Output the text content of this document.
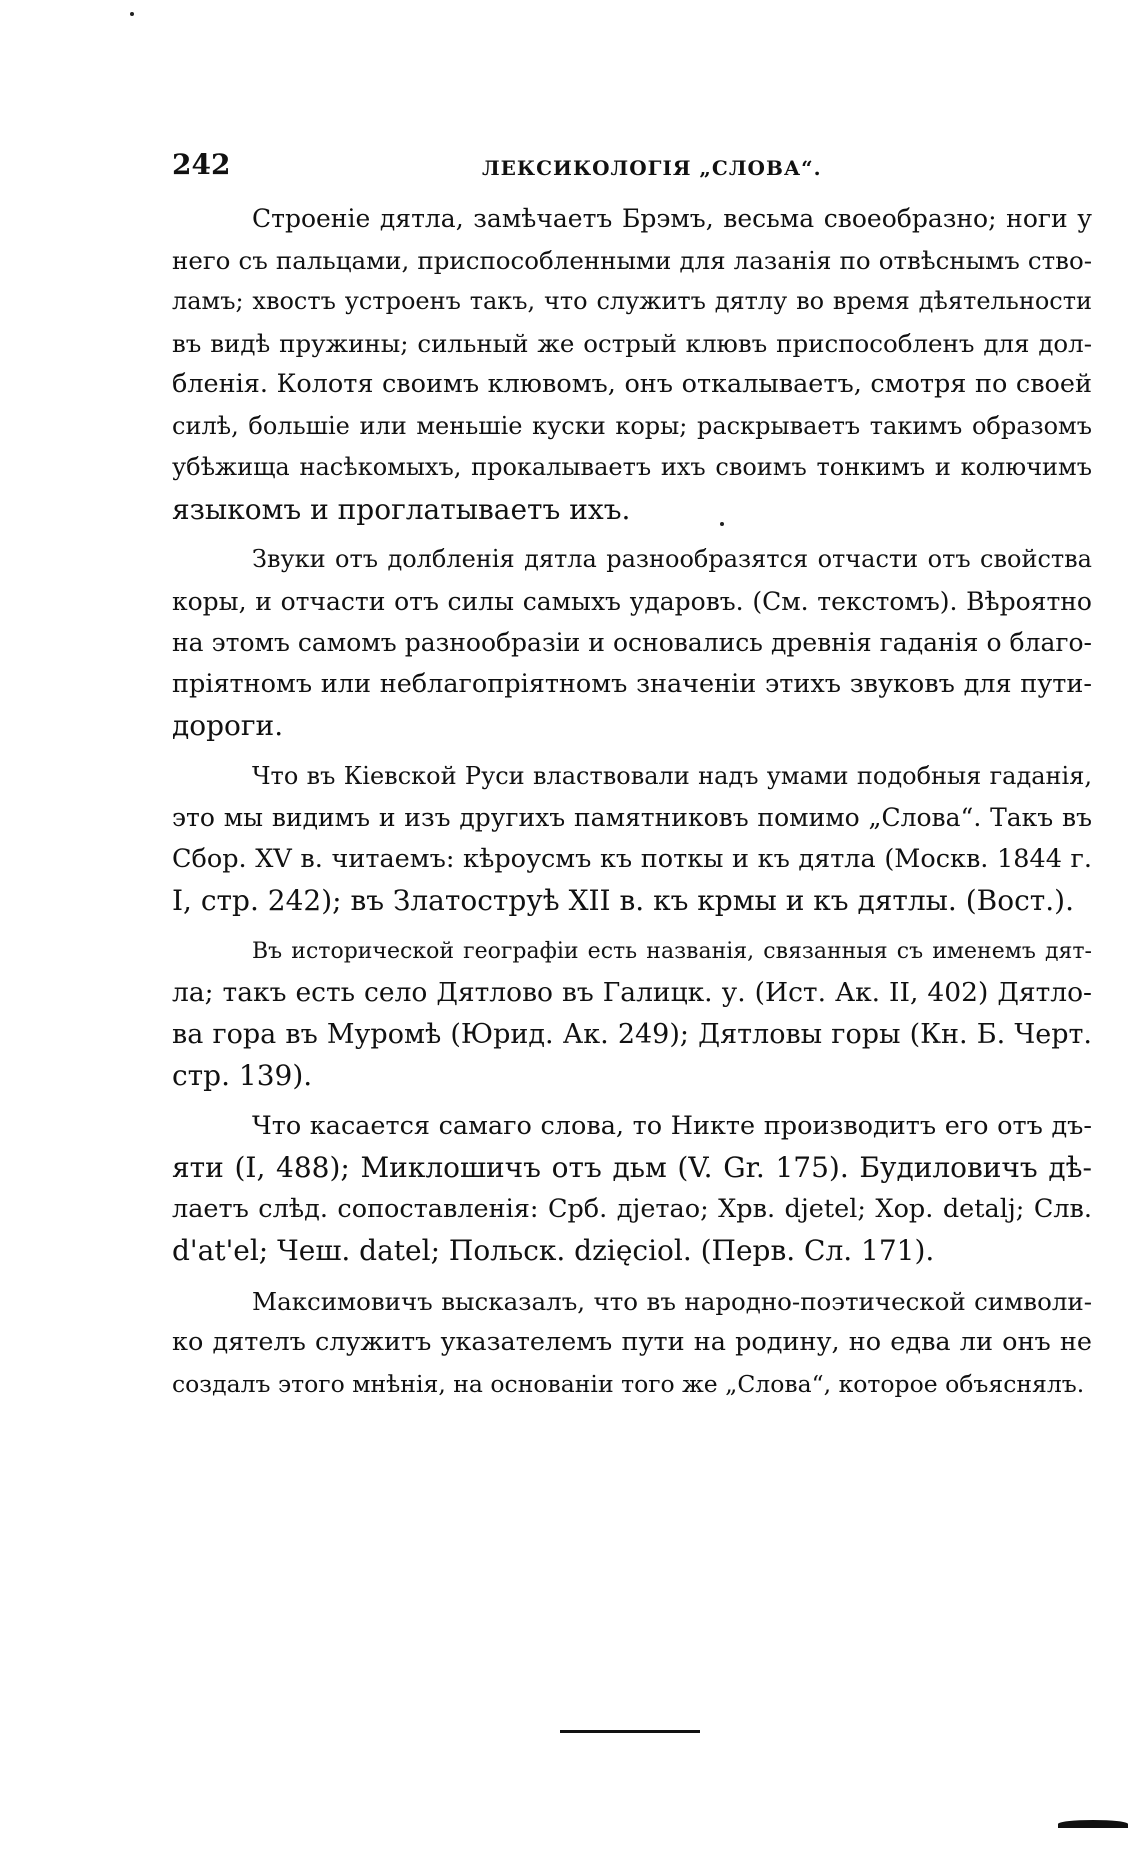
242	ЛЕКСИКОЛОГІЯ „СЛОВА“.

Строеніе дятла, замѣчаетъ Брэмъ, весьма своеобразно; ноги у
него съ пальцами, приспособленными для лазанія по отвѣснымъ ство-
ламъ; хвостъ устроенъ такъ, что служитъ дятлу во время дѣятельности
въ видѣ пружины; сильный же острый клювъ приспособленъ для дол-
бленія. Колотя своимъ клювомъ, онъ откалываетъ, смотря по своей
силѣ, большіе или меньшіе куски коры; раскрываетъ такимъ образомъ
убѣжища насѣкомыхъ, прокалываетъ ихъ своимъ тонкимъ и колючимъ
языкомъ и проглатываетъ ихъ.

Звуки отъ долбленія дятла разнообразятся отчасти отъ свойства
коры, и отчасти отъ силы самыхъ ударовъ. (См. текстомъ). Вѣроятно
на этомъ самомъ разнообразіи и основались древнія гаданія о благо-
пріятномъ или неблагопріятномъ значеніи этихъ звуковъ для пути-
дороги.

Что въ Кіевской Руси властвовали надъ умами подобныя гаданія,
это мы видимъ и изъ другихъ памятниковъ помимо „Слова“. Такъ въ
Сбор. XV в. читаемъ: кѣроусмъ къ поткы и къ дятла (Москв. 1844 г.
I, стр. 242); въ Златоструѣ XII в. къ крмы и къ дятлы. (Вост.).

Въ исторической географіи есть названія, связанныя съ именемъ дят-
ла; такъ есть село Дятлово въ Галицк. у. (Ист. Ак. II, 402) Дятло-
ва гора въ Муромѣ (Юрид. Ак. 249); Дятловы горы (Кн. Б. Черт.
стр. 139).

Что касается самаго слова, то Никте производитъ его отъ дъ-
яти (I, 488); Миклошичъ отъ дьм (V. Gr. 175). Будиловичъ дѣ-
лаетъ слѣд. сопоставленія: Срб. дјетао; Хрв. djetel; Хор. detalj; Слв.
d'at'el; Чеш. datel; Польск. dzięciol. (Перв. Сл. 171).

Максимовичъ высказалъ, что въ народно-поэтической символи-
ко дятелъ служитъ указателемъ пути на родину, но едва ли онъ не
создалъ этого мнѣнія, на основаніи того же „Слова“, которое объяснялъ.
